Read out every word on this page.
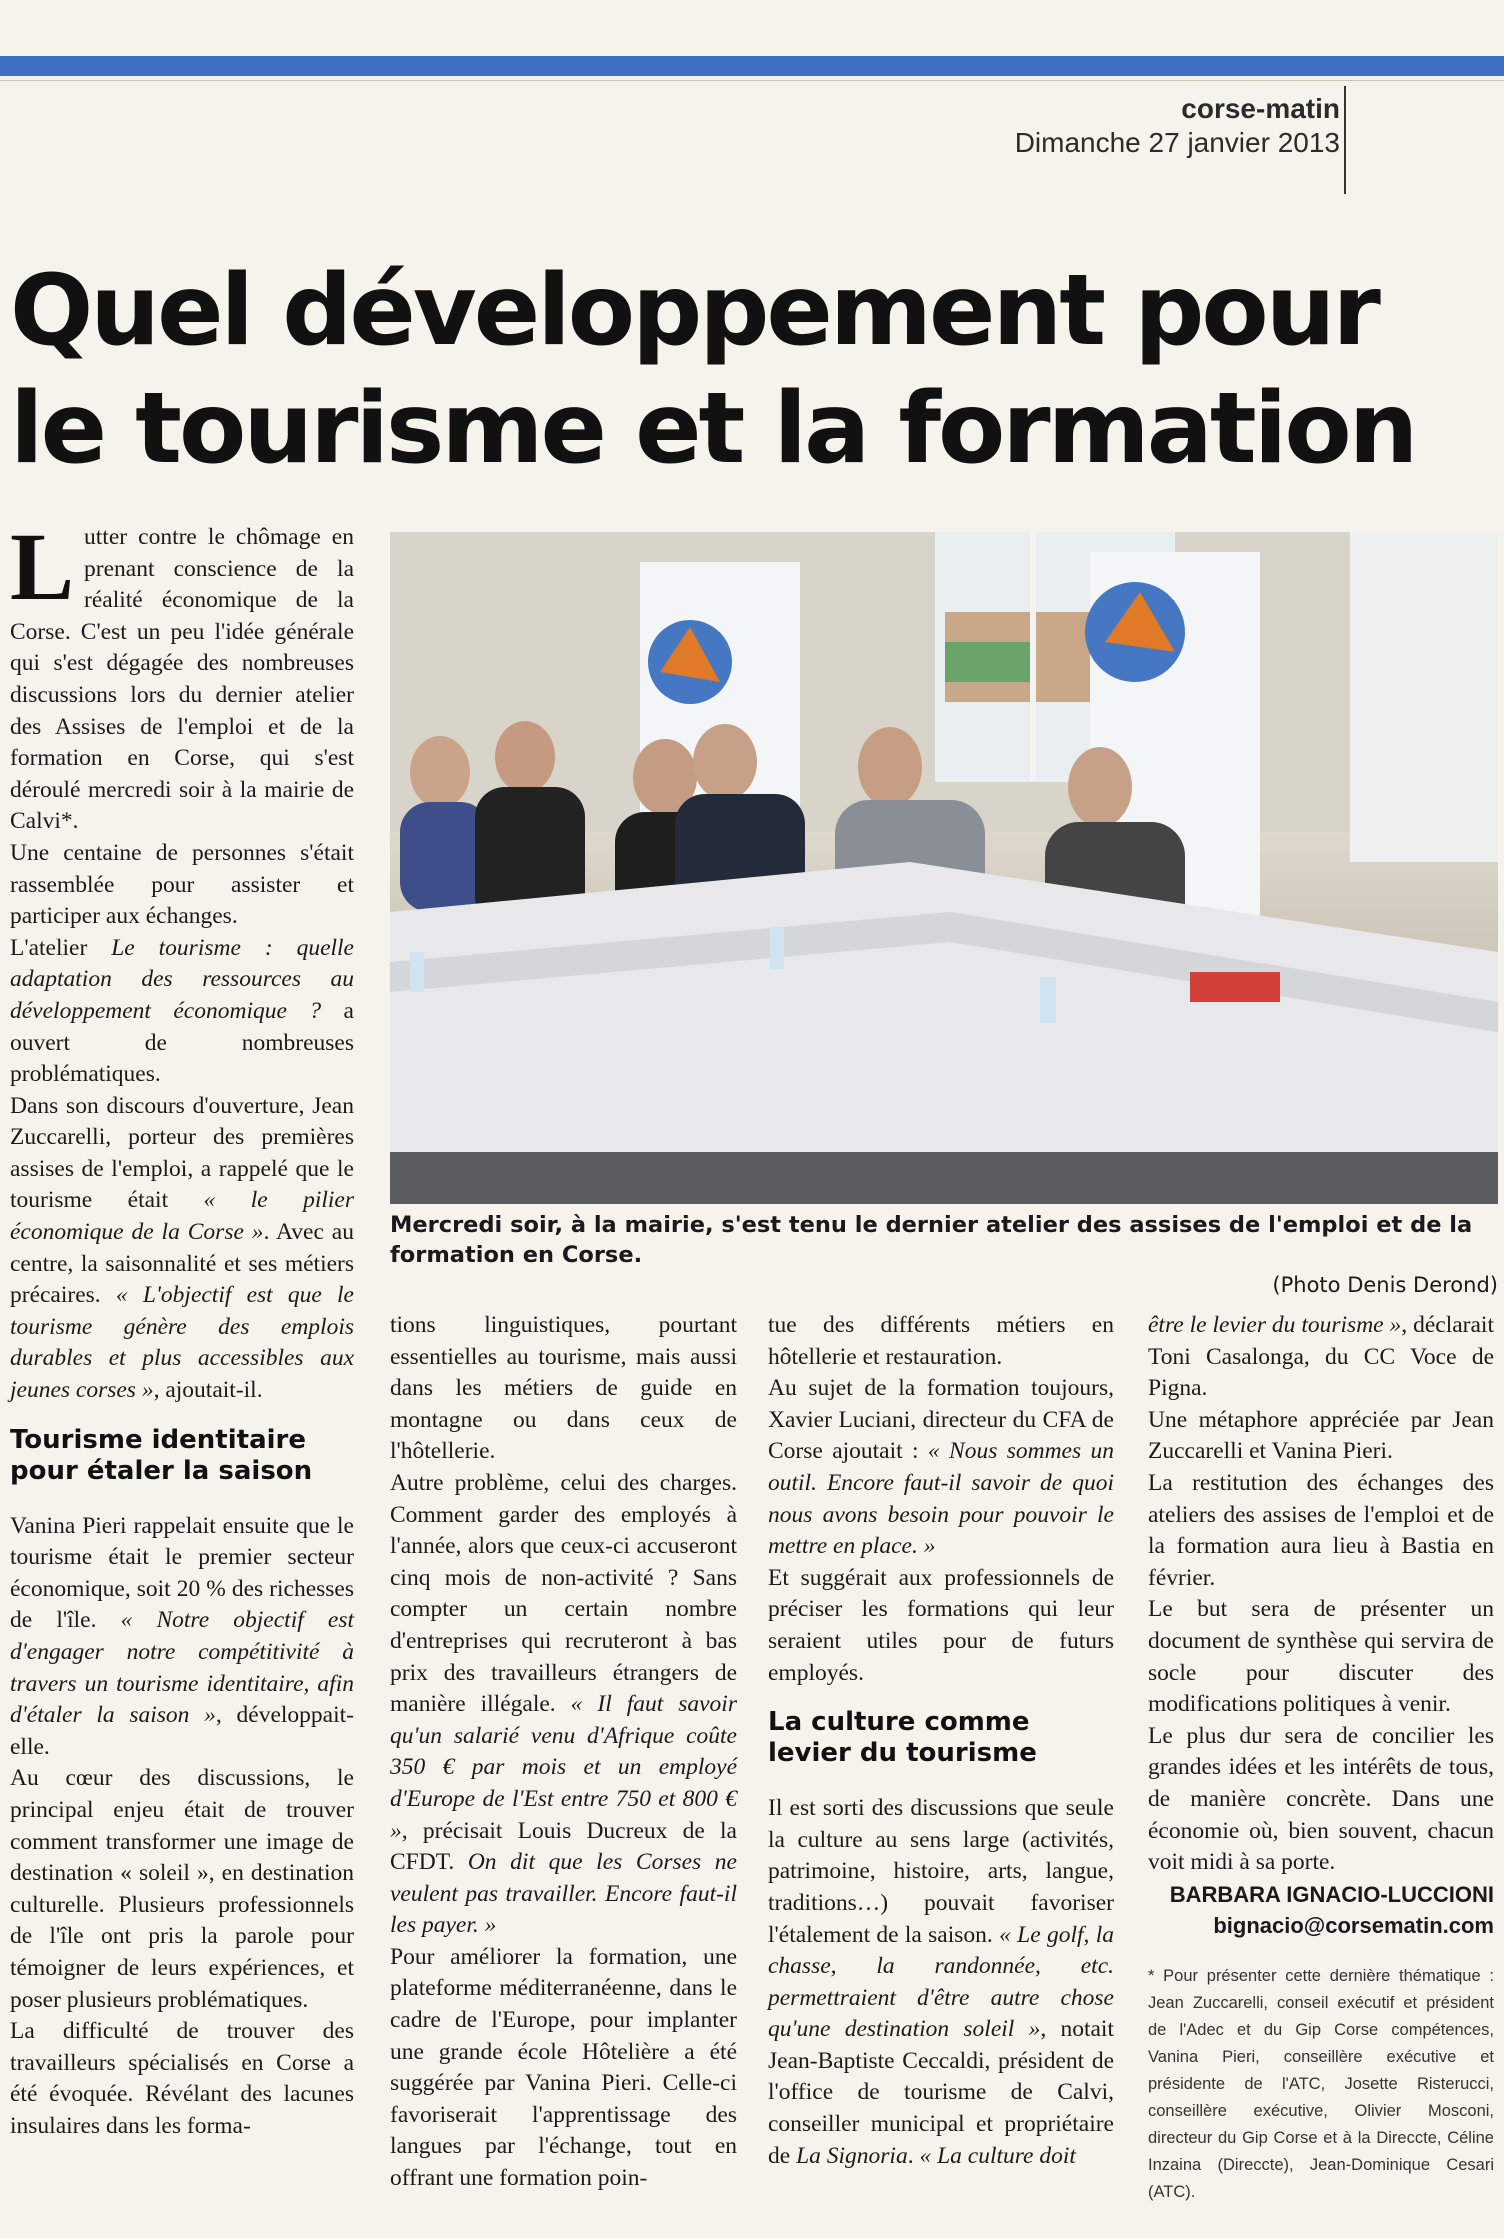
corse-matin
Dimanche 27 janvier 2013
Quel développement pour le tourisme et la formation

Lutter contre le chômage en prenant conscience de la réalité économique de la Corse. C'est un peu l'idée générale qui s'est dégagée des nombreuses discussions lors du dernier atelier des Assises de l'emploi et de la formation en Corse, qui s'est déroulé mercredi soir à la mairie de Calvi*.

Une centaine de personnes s'était rassemblée pour assister et participer aux échanges.

L'atelier Le tourisme : quelle adaptation des ressources au développement économique ? a ouvert de nombreuses problématiques.

Dans son discours d'ouverture, Jean Zuccarelli, porteur des premières assises de l'emploi, a rappelé que le tourisme était « le pilier économique de la Corse ». Avec au centre, la saisonnalité et ses métiers précaires. « L'objectif est que le tourisme génère des emplois durables et plus accessibles aux jeunes corses », ajoutait-il.

Tourisme identitaire pour étaler la saison

Vanina Pieri rappelait ensuite que le tourisme était le premier secteur économique, soit 20 % des richesses de l'île. « Notre objectif est d'engager notre compétitivité à travers un tourisme identitaire, afin d'étaler la saison », développait-elle.

Au cœur des discussions, le principal enjeu était de trouver comment transformer une image de destination « soleil », en destination culturelle. Plusieurs professionnels de l'île ont pris la parole pour témoigner de leurs expériences, et poser plusieurs problématiques.

La difficulté de trouver des travailleurs spécialisés en Corse a été évoquée. Révélant des lacunes insulaires dans les forma-

Mercredi soir, à la mairie, s'est tenu le dernier atelier des assises de l'emploi et de la formation en Corse.
(Photo Denis Derond)

tions linguistiques, pourtant essentielles au tourisme, mais aussi dans les métiers de guide en montagne ou dans ceux de l'hôtellerie.

Autre problème, celui des charges. Comment garder des employés à l'année, alors que ceux-ci accuseront cinq mois de non-activité ? Sans compter un certain nombre d'entreprises qui recruteront à bas prix des travailleurs étrangers de manière illégale. « Il faut savoir qu'un salarié venu d'Afrique coûte 350 € par mois et un employé d'Europe de l'Est entre 750 et 800 € », précisait Louis Ducreux de la CFDT. On dit que les Corses ne veulent pas travailler. Encore faut-il les payer. »

Pour améliorer la formation, une plateforme méditerranéenne, dans le cadre de l'Europe, pour implanter une grande école Hôtelière a été suggérée par Vanina Pieri. Celle-ci favoriserait l'apprentissage des langues par l'échange, tout en offrant une formation poin-

tue des différents métiers en hôtellerie et restauration.

Au sujet de la formation toujours, Xavier Luciani, directeur du CFA de Corse ajoutait : « Nous sommes un outil. Encore faut-il savoir de quoi nous avons besoin pour pouvoir le mettre en place. »

Et suggérait aux professionnels de préciser les formations qui leur seraient utiles pour de futurs employés.

La culture comme levier du tourisme

Il est sorti des discussions que seule la culture au sens large (activités, patrimoine, histoire, arts, langue, traditions…) pouvait favoriser l'étalement de la saison. « Le golf, la chasse, la randonnée, etc. permettraient d'être autre chose qu'une destination soleil », notait Jean-Baptiste Ceccaldi, président de l'office de tourisme de Calvi, conseiller municipal et propriétaire de La Signoria. « La culture doit

être le levier du tourisme », déclarait Toni Casalonga, du CC Voce de Pigna.

Une métaphore appréciée par Jean Zuccarelli et Vanina Pieri.

La restitution des échanges des ateliers des assises de l'emploi et de la formation aura lieu à Bastia en février.

Le but sera de présenter un document de synthèse qui servira de socle pour discuter des modifications politiques à venir.

Le plus dur sera de concilier les grandes idées et les intérêts de tous, de manière concrète. Dans une économie où, bien souvent, chacun voit midi à sa porte.

BARBARA IGNACIO-LUCCIONI
bignacio@corsematin.com
* Pour présenter cette dernière thématique : Jean Zuccarelli, conseil exécutif et président de l'Adec et du Gip Corse compétences, Vanina Pieri, conseillère exécutive et présidente de l'ATC, Josette Risterucci, conseillère exécutive, Olivier Mosconi, directeur du Gip Corse et à la Direccte, Céline Inzaina (Direccte), Jean-Dominique Cesari (ATC).
